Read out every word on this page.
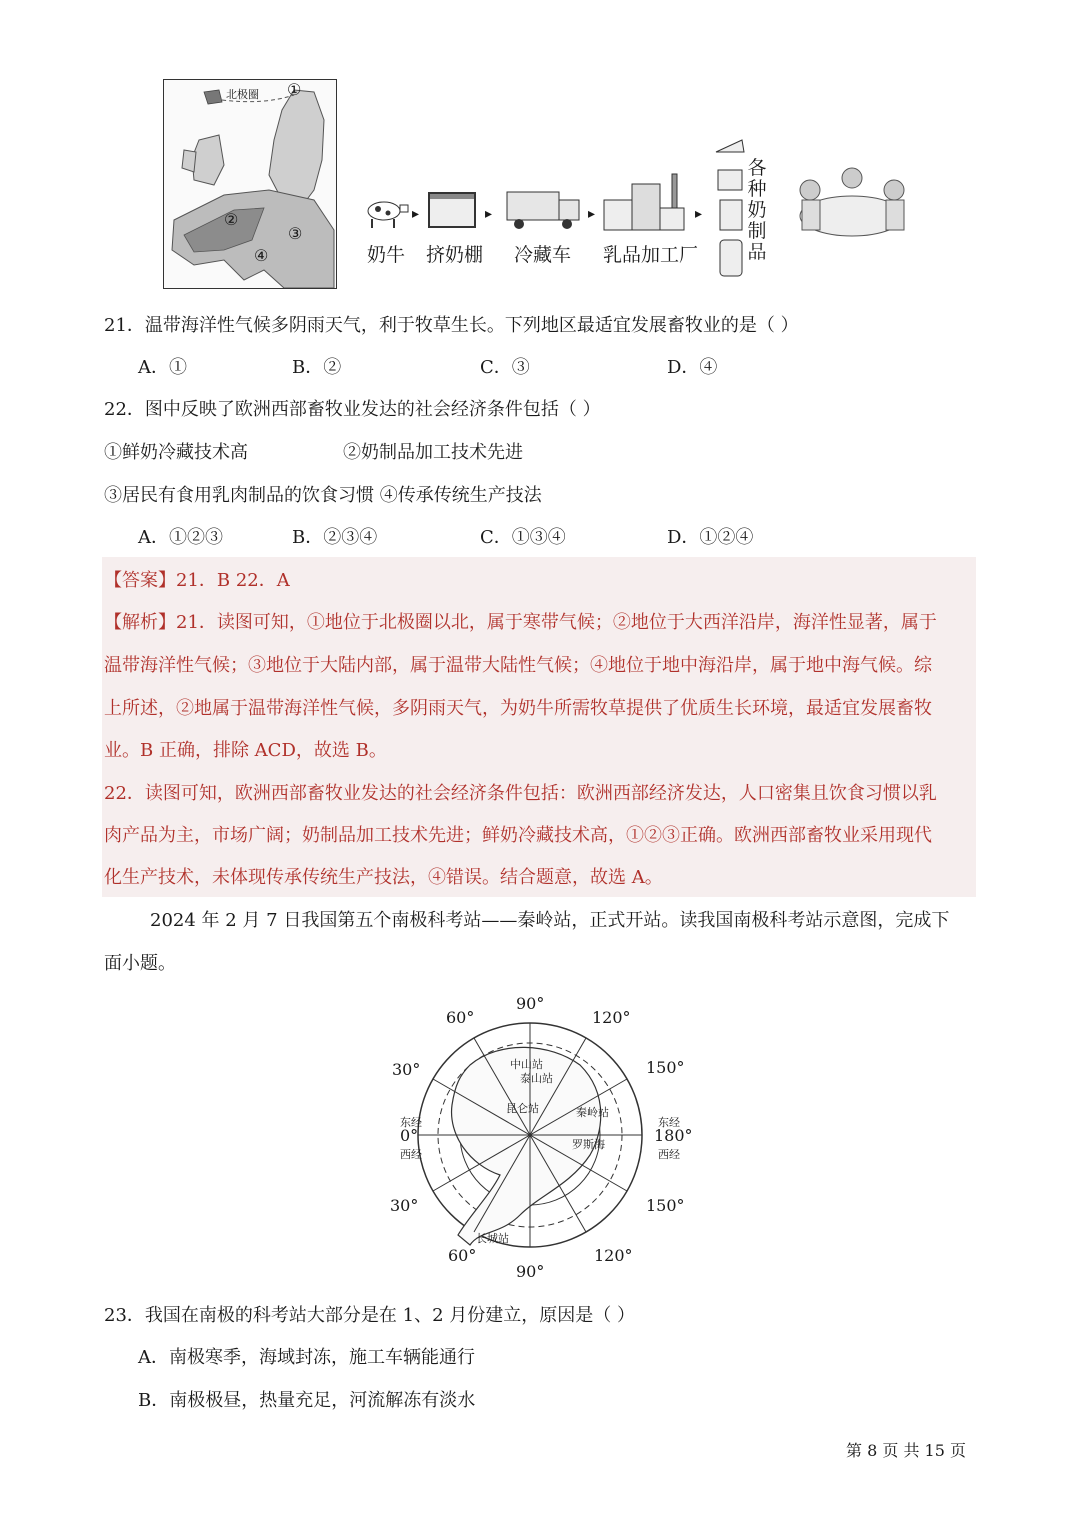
①
②
③
④
北极圈
▸	▸	▸	▸
奶牛 挤奶棚 冷藏车 乳品加工厂
各种奶制品
21．温带海洋性气候多阴雨天气，利于牧草生长。下列地区最适宜发展畜牧业的是（ ）
A．①	B．②	C．③	D．④
22．图中反映了欧洲西部畜牧业发达的社会经济条件包括（ ）
①鲜奶冷藏技术高	②奶制品加工技术先进
③居民有食用乳肉制品的饮食习惯 ④传承传统生产技法
A．①②③	B．②③④	C．①③④	D．①②④
【答案】 21．B 22．A
【解析】 21．读图可知，①地位于北极圈以北，属于寒带气候；②地位于大西洋沿岸，海洋性显著，属于
温带海洋性气候；③地位于大陆内部，属于温带大陆性气候；④地位于地中海沿岸，属于地中海气候。综
上所述，②地属于温带海洋性气候，多阴雨天气，为奶牛所需牧草提供了优质生长环境，最适宜发展畜牧
业。B 正确，排除 ACD，故选 B。
22．读图可知，欧洲西部畜牧业发达的社会经济条件包括：欧洲西部经济发达，人口密集且饮食习惯以乳
肉产品为主，市场广阔；奶制品加工技术先进；鲜奶冷藏技术高，①②③正确。欧洲西部畜牧业采用现代
化生产技术，未体现传承传统生产技法，④错误。结合题意，故选 A。
2024 年 2 月 7 日我国第五个南极科考站——秦岭站，正式开站。读我国南极科考站示意图，完成下
面小题。
90°
60°	120°
30°	150°
东经
0°
西经
东经
180°
西经
30°	150°
60°	120°
90°
中山站
泰山站
昆仑站	秦岭站
罗斯海
长城站
23．我国在南极的科考站大部分是在 1、2 月份建立，原因是（ ）
A．南极寒季，海域封冻，施工车辆能通行
B．南极极昼，热量充足，河流解冻有淡水
第 8 页 共 15 页
